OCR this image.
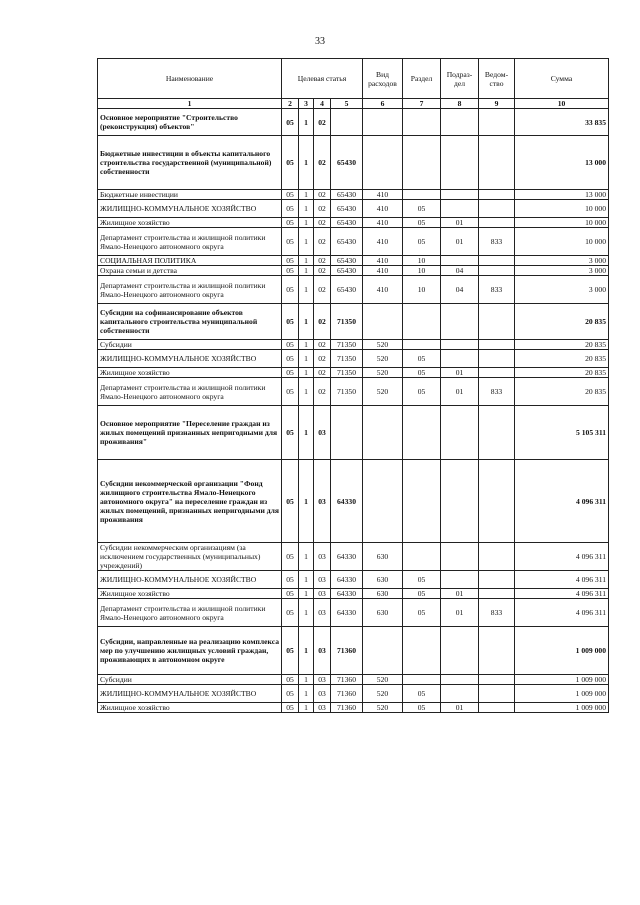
33
Наименование	Целевая статья				Вид расходов	Раздел	Подраз-дел	Ведом-ство	Сумма
1	2	3	4	5	6	7	8	9	10
Основное мероприятие "Строительство (реконструкция) объектов"	05	1	02						33 835
Бюджетные инвестиции в объекты капитального строительства государственной (муниципальной) собственности	05	1	02	65430					13 000
Бюджетные инвестиции	05	1	02	65430	410				13 000
ЖИЛИЩНО-КОММУНАЛЬНОЕ ХОЗЯЙСТВО	05	1	02	65430	410	05			10 000
Жилищное хозяйство	05	1	02	65430	410	05	01		10 000
Департамент строительства и жилищной политики Ямало-Ненецкого автономного округа	05	1	02	65430	410	05	01	833	10 000
СОЦИАЛЬНАЯ ПОЛИТИКА	05	1	02	65430	410	10			3 000
Охрана семьи и детства	05	1	02	65430	410	10	04		3 000
Департамент строительства и жилищной политики Ямало-Ненецкого автономного округа	05	1	02	65430	410	10	04	833	3 000
Субсидии на софинансирование объектов капитального строительства муниципальной собственности	05	1	02	71350					20 835
Субсидии	05	1	02	71350	520				20 835
ЖИЛИЩНО-КОММУНАЛЬНОЕ ХОЗЯЙСТВО	05	1	02	71350	520	05			20 835
Жилищное хозяйство	05	1	02	71350	520	05	01		20 835
Департамент строительства и жилищной политики Ямало-Ненецкого автономного округа	05	1	02	71350	520	05	01	833	20 835
Основное мероприятие "Переселение граждан из жилых помещений признанных непригодными для проживания"	05	1	03						5 105 311
Субсидии некоммерческой организации "Фонд жилищного строительства Ямало-Ненецкого автономного округа" на переселение граждан из жилых помещений, признанных непригодными для проживания	05	1	03	64330					4 096 311
Субсидии некоммерческим организациям (за исключением государственных (муниципальных) учреждений)	05	1	03	64330	630				4 096 311
ЖИЛИЩНО-КОММУНАЛЬНОЕ ХОЗЯЙСТВО	05	1	03	64330	630	05			4 096 311
Жилищное хозяйство	05	1	03	64330	630	05	01		4 096 311
Департамент строительства и жилищной политики Ямало-Ненецкого автономного округа	05	1	03	64330	630	05	01	833	4 096 311
Субсидии, направленные на реализацию комплекса мер по улучшению жилищных условий граждан, проживающих в автономном округе	05	1	03	71360					1 009 000
Субсидии	05	1	03	71360	520				1 009 000
ЖИЛИЩНО-КОММУНАЛЬНОЕ ХОЗЯЙСТВО	05	1	03	71360	520	05			1 009 000
Жилищное хозяйство	05	1	03	71360	520	05	01		1 009 000
